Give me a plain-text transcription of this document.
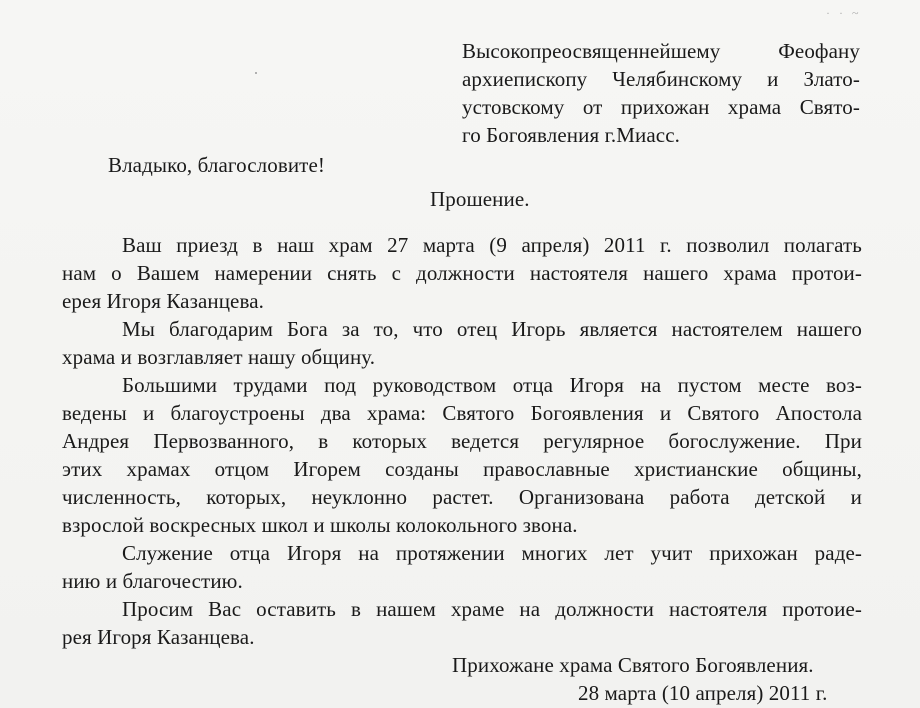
· · ~
Высокопреосвященнейшему Феофану
архиепископу Челябинскому и Злато-
устовскому от прихожан храма Свято-
го Богоявления г.Миасс.
Владыко, благословите!
Прошение.
Ваш приезд в наш храм 27 марта (9 апреля) 2011 г. позволил полагать
нам о Вашем намерении снять с должности настоятеля нашего храма протои-
ерея Игоря Казанцева.
Мы благодарим Бога за то, что отец Игорь является настоятелем нашего
храма и возглавляет нашу общину.
Большими трудами под руководством отца Игоря на пустом месте воз-
ведены и благоустроены два храма: Святого Богоявления и Святого Апостола
Андрея Первозванного, в которых ведется регулярное богослужение. При
этих храмах отцом Игорем созданы православные христианские общины,
численность, которых, неуклонно растет. Организована работа детской и
взрослой воскресных школ и школы колокольного звона.
Служение отца Игоря на протяжении многих лет учит прихожан раде-
нию и благочестию.
Просим Вас оставить в нашем храме на должности настоятеля протоие-
рея Игоря Казанцева.
Прихожане храма Святого Богоявления.
28 марта (10 апреля) 2011 г.
